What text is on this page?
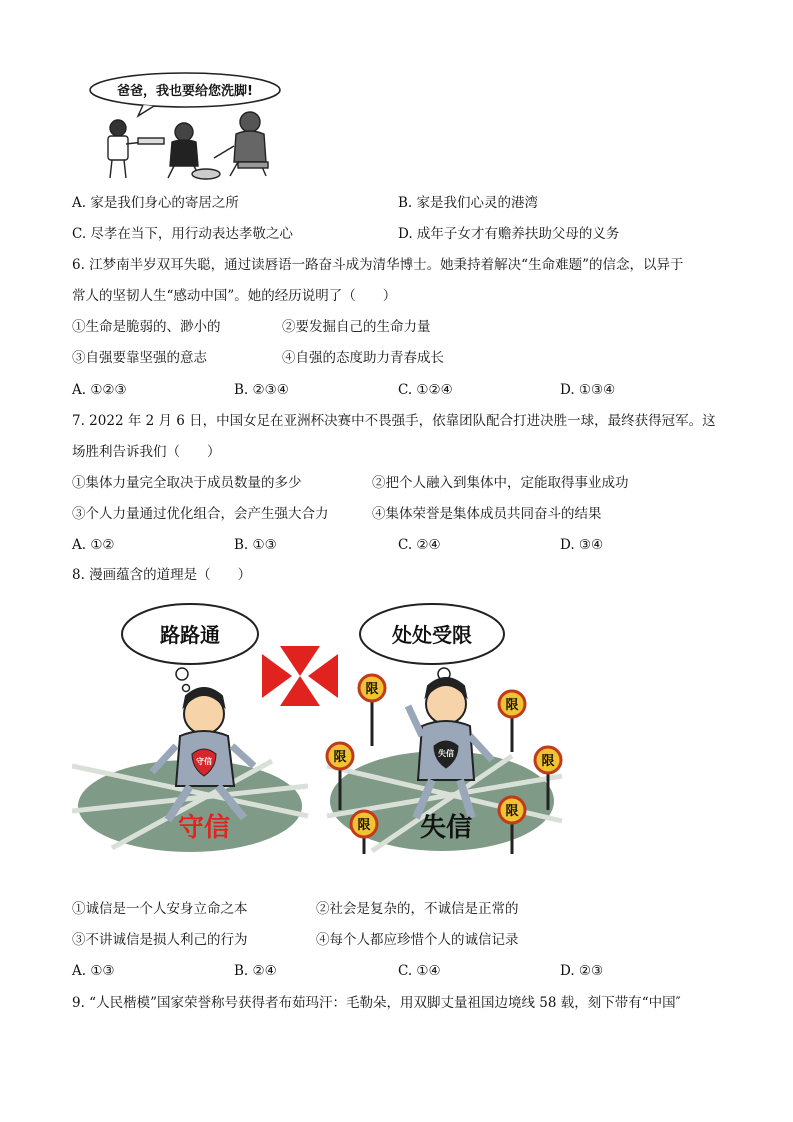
爸爸，我也要给您洗脚!
A. 家是我们身心的寄居之所	B. 家是我们心灵的港湾
C. 尽孝在当下，用行动表达孝敬之心	D. 成年子女才有赡养扶助父母的义务
6. 江梦南半岁双耳失聪，通过读唇语一路奋斗成为清华博士。她秉持着解决“生命难题”的信念，以异于
常人的坚韧人生“感动中国”。她的经历说明了（　　）
①生命是脆弱的、渺小的	②要发掘自己的生命力量
③自强要靠坚强的意志	④自强的态度助力青春成长
A. ①②③	B. ②③④	C. ①②④	D. ①③④
7. 2022 年 2 月 6 日，中国女足在亚洲杯决赛中不畏强手，依靠团队配合打进决胜一球，最终获得冠军。这
场胜利告诉我们（　　）
①集体力量完全取决于成员数量的多少	②把个人融入到集体中，定能取得事业成功
③个人力量通过优化组合，会产生强大合力	④集体荣誉是集体成员共同奋斗的结果
A. ①②	B. ①③	C. ②④	D. ③④
8. 漫画蕴含的道理是（　　）
路路通	处处受限
守信
失信
限
限
限
限
限
限
守信	失信
①诚信是一个人安身立命之本	②社会是复杂的，不诚信是正常的
③不讲诚信是损人利己的行为	④每个人都应珍惜个人的诚信记录
A. ①③	B. ②④	C. ①④	D. ②③
9. “人民楷模”国家荣誉称号获得者布茹玛汗：毛勒朵，用双脚丈量祖国边境线 58 载，刻下带有“中国″
